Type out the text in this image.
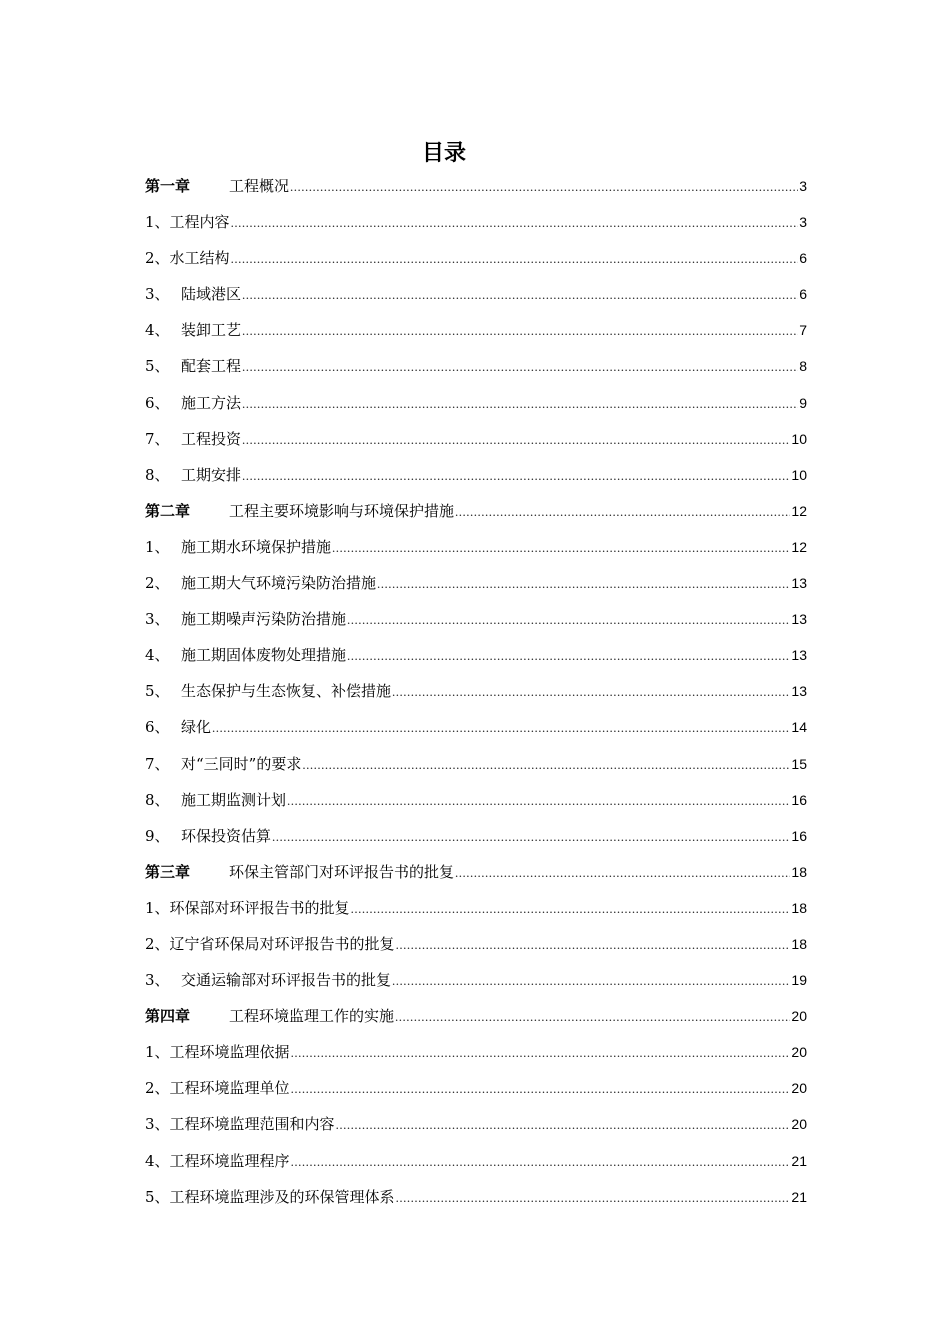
目录
第一章	工程概况 .....	3
1、 工程内容 .....	3
2、 水工结构 .....	6
3、 陆域港区 .....	6
4、 装卸工艺 .....	7
5、 配套工程 .....	8
6、 施工方法 .....	9
7、 工程投资 .....	10
8、 工期安排 .....	10
第二章	工程主要环境影响与环境保护措施 .....	12
1、 施工期水环境保护措施 .....	12
2、 施工期大气环境污染防治措施 .....	13
3、 施工期噪声污染防治措施 .....	13
4、 施工期固体废物处理措施 .....	13
5、 生态保护与生态恢复、补偿措施 .....	13
6、 绿化 .....	14
7、 对“三同时”的要求 .....	15
8、 施工期监测计划 .....	16
9、 环保投资估算 .....	16
第三章	环保主管部门对环评报告书的批复 .....	18
1、 环保部对环评报告书的批复 .....	18
2、 辽宁省环保局对环评报告书的批复 .....	18
3、 交通运输部对环评报告书的批复 .....	19
第四章	工程环境监理工作的实施 .....	20
1、 工程环境监理依据 .....	20
2、 工程环境监理单位 .....	20
3、 工程环境监理范围和内容 .....	20
4、 工程环境监理程序 .....	21
5、 工程环境监理涉及的环保管理体系 .....	21
